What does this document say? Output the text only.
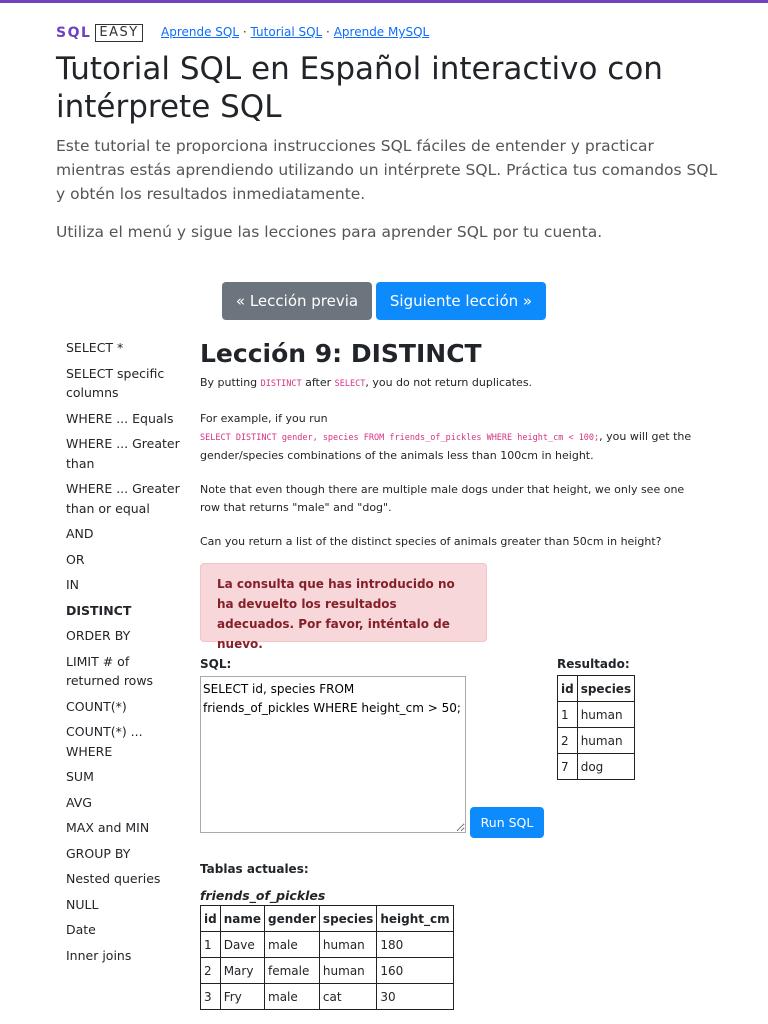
SQL EASY	Aprende SQL · Tutorial SQL · Aprende MySQL
Tutorial SQL en Español interactivo con intérprete SQL

Este tutorial te proporciona instrucciones SQL fáciles de entender y practicar mientras estás aprendiendo utilizando un intérprete SQL. Práctica tus comandos SQL y obtén los resultados inmediatamente.

Utiliza el menú y sigue las lecciones para aprender SQL por tu cuenta.

« Lección previa	Siguiente lección »
SELECT *
SELECT specific columns
WHERE ... Equals
WHERE ... Greater than
WHERE ... Greater than or equal
AND
OR
IN
DISTINCT
ORDER BY
LIMIT # of returned rows
COUNT(*)
COUNT(*) ... WHERE
SUM
AVG
MAX and MIN
GROUP BY
Nested queries
NULL
Date
Inner joins
Lección 9: DISTINCT

By putting DISTINCT after SELECT, you do not return duplicates.

For example, if you run
SELECT DISTINCT gender, species FROM friends_of_pickles WHERE height_cm < 100;, you will get the gender/species combinations of the animals less than 100cm in height.

Note that even though there are multiple male dogs under that height, we only see one row that returns "male" and "dog".

Can you return a list of the distinct species of animals greater than 50cm in height?

La consulta que has introducido no ha devuelto los resultados adecuados. Por favor, inténtalo de nuevo.
SQL:
SELECT id, species FROM friends_of_pickles WHERE height_cm > 50;
Run SQL
Resultado:
id	species
1	human
2	human
7	dog
Tablas actuales:
friends_of_pickles
id	name	gender	species	height_cm
1	Dave	male	human	180
2	Mary	female	human	160
3	Fry	male	cat	30
